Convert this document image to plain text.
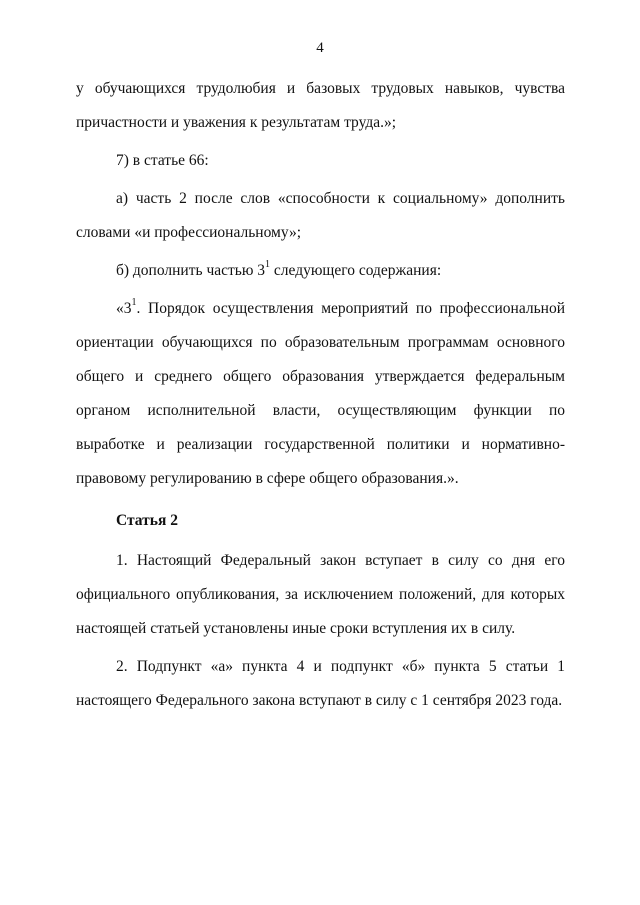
4

у обучающихся трудолюбия и базовых трудовых навыков, чувства причастности и уважения к результатам труда.»;

7) в статье 66:

а) часть 2 после слов «способности к социальному» дополнить словами «и профессиональному»;

б) дополнить частью $3^1$ следующего содержания:

«$3^1$. Порядок осуществления мероприятий по профессиональной ориентации обучающихся по образовательным программам основного общего и среднего общего образования утверждается федеральным органом исполнительной власти, осуществляющим функции по выработке и реализации государственной политики и нормативно-правовому регулированию в сфере общего образования.».

Статья 2

1. Настоящий Федеральный закон вступает в силу со дня его официального опубликования, за исключением положений, для которых настоящей статьей установлены иные сроки вступления их в силу.

2. Подпункт «а» пункта 4 и подпункт «б» пункта 5 статьи 1 настоящего Федерального закона вступают в силу с 1 сентября 2023 года.
